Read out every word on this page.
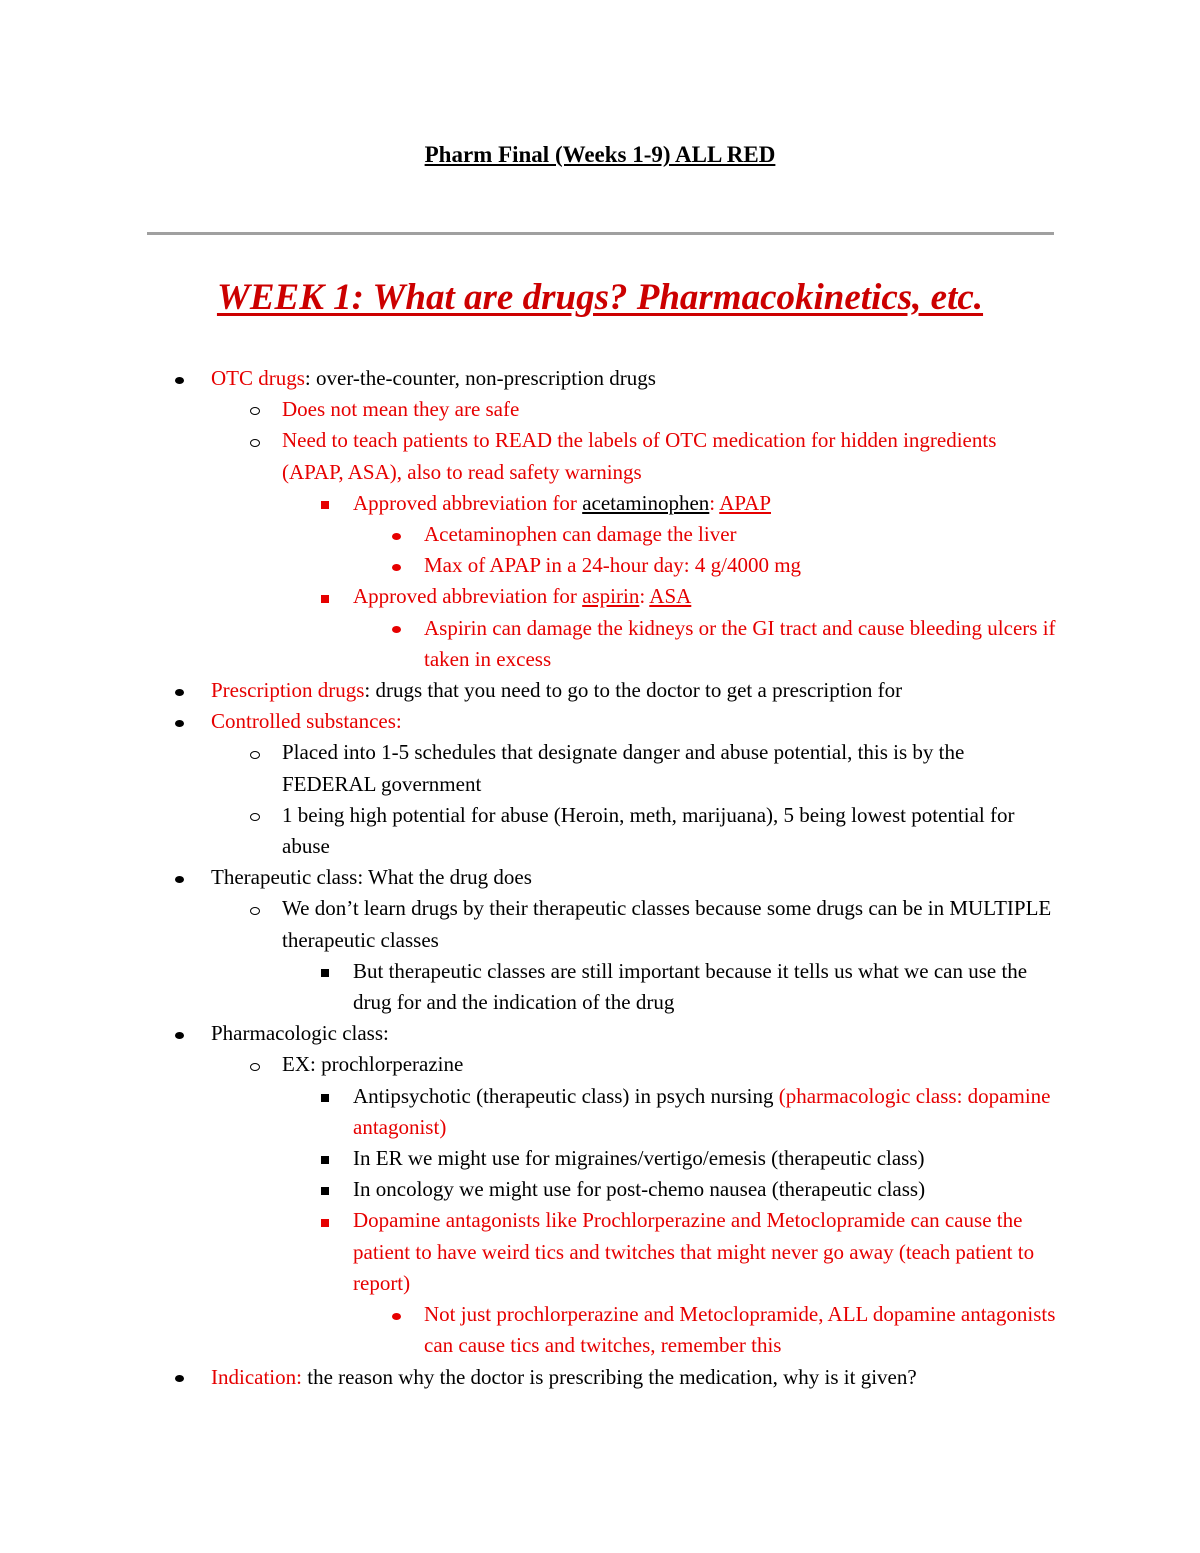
Pharm Final (Weeks 1-9) ALL RED
WEEK 1: What are drugs? Pharmacokinetics, etc.
OTC drugs: over-the-counter, non-prescription drugs
Does not mean they are safe
Need to teach patients to READ the labels of OTC medication for hidden ingredients (APAP, ASA), also to read safety warnings
Approved abbreviation for acetaminophen: APAP
Acetaminophen can damage the liver
Max of APAP in a 24-hour day: 4 g/4000 mg
Approved abbreviation for aspirin: ASA
Aspirin can damage the kidneys or the GI tract and cause bleeding ulcers if taken in excess
Prescription drugs: drugs that you need to go to the doctor to get a prescription for
Controlled substances:
Placed into 1-5 schedules that designate danger and abuse potential, this is by the FEDERAL government
1 being high potential for abuse (Heroin, meth, marijuana), 5 being lowest potential for abuse
Therapeutic class: What the drug does
We don’t learn drugs by their therapeutic classes because some drugs can be in MULTIPLE therapeutic classes
But therapeutic classes are still important because it tells us what we can use the drug for and the indication of the drug
Pharmacologic class:
EX: prochlorperazine
Antipsychotic (therapeutic class) in psych nursing (pharmacologic class: dopamine antagonist)
In ER we might use for migraines/vertigo/emesis (therapeutic class)
In oncology we might use for post-chemo nausea (therapeutic class)
Dopamine antagonists like Prochlorperazine and Metoclopramide can cause the patient to have weird tics and twitches that might never go away (teach patient to report)
Not just prochlorperazine and Metoclopramide, ALL dopamine antagonists can cause tics and twitches, remember this
Indication: the reason why the doctor is prescribing the medication, why is it given?
